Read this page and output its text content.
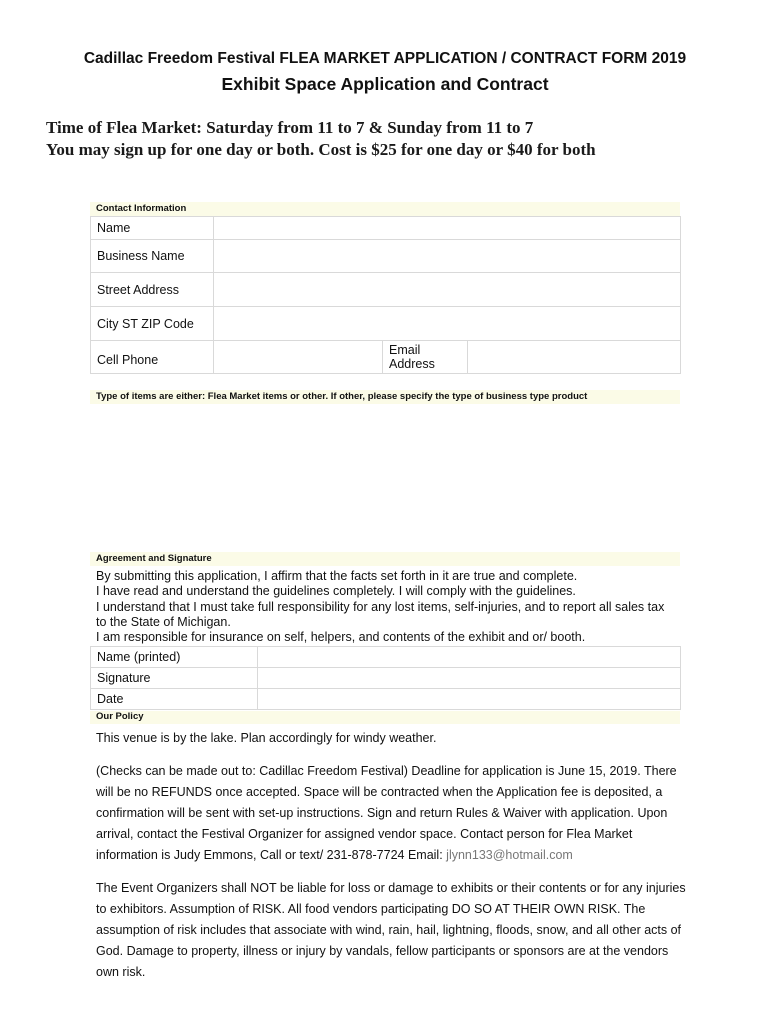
Cadillac Freedom Festival FLEA MARKET APPLICATION / CONTRACT FORM 2019
Exhibit Space Application and Contract
Time of Flea Market: Saturday from 11 to 7 & Sunday from 11 to 7
You may sign up for one day or both. Cost is $25 for one day or $40 for both
Contact Information
Name			
Business Name			
Street Address			
City ST ZIP Code			
Cell Phone		Email Address	
Type of items are either: Flea Market items or other. If other, please specify the type of business type product
Agreement and Signature
By submitting this application, I affirm that the facts set forth in it are true and complete.
I have read and understand the guidelines completely. I will comply with the guidelines.
I understand that I must take full responsibility for any lost items, self-injuries, and to report all sales tax to the State of Michigan.
I am responsible for insurance on self, helpers, and contents of the exhibit and or/ booth.
Name (printed)	
Signature	
Date	
Our Policy

This venue is by the lake. Plan accordingly for windy weather.

(Checks can be made out to: Cadillac Freedom Festival) Deadline for application is June 15, 2019. There will be no REFUNDS once accepted. Space will be contracted when the Application fee is deposited, a confirmation will be sent with set-up instructions. Sign and return Rules & Waiver with application. Upon arrival, contact the Festival Organizer for assigned vendor space. Contact person for Flea Market information is Judy Emmons, Call or text/ 231-878-7724 Email: jlynn133@hotmail.com

The Event Organizers shall NOT be liable for loss or damage to exhibits or their contents or for any injuries to exhibitors. Assumption of RISK. All food vendors participating DO SO AT THEIR OWN RISK. The assumption of risk includes that associate with wind, rain, hail, lightning, floods, snow, and all other acts of God. Damage to property, illness or injury by vandals, fellow participants or sponsors are at the vendors own risk.
